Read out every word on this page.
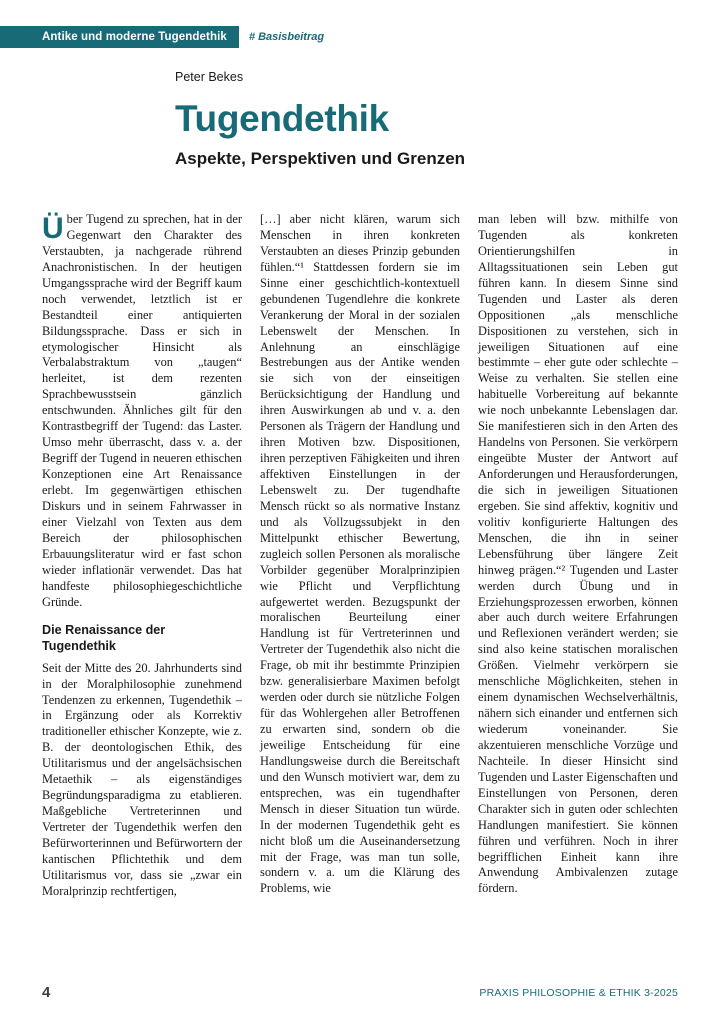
Antike und moderne Tugendethik	# Basisbeitrag
Peter Bekes
Tugendethik
Aspekte, Perspektiven und Grenzen

Über Tugend zu sprechen, hat in der Gegenwart den Charakter des Verstaubten, ja nachgerade rührend Anachronistischen. In der heutigen Umgangssprache wird der Begriff kaum noch verwendet, letztlich ist er Bestandteil einer antiquierten Bildungssprache. Dass er sich in etymologischer Hinsicht als Verbalabstraktum von „taugen“ herleitet, ist dem rezenten Sprachbewusstsein gänzlich entschwunden. Ähnliches gilt für den Kontrastbegriff der Tugend: das Laster. Umso mehr überrascht, dass v. a. der Begriff der Tugend in neueren ethischen Konzeptionen eine Art Renaissance erlebt. Im gegenwärtigen ethischen Diskurs und in seinem Fahrwasser in einer Vielzahl von Texten aus dem Bereich der philosophischen Erbauungsliteratur wird er fast schon wieder inflationär verwendet. Das hat handfeste philosophiegeschichtliche Gründe.

Die Renaissance der Tugendethik

Seit der Mitte des 20. Jahrhunderts sind in der Moralphilosophie zunehmend Tendenzen zu erkennen, Tugendethik – in Ergänzung oder als Korrektiv traditioneller ethischer Konzepte, wie z. B. der deontologischen Ethik, des Utilitarismus und der angelsächsischen Metaethik – als eigenständiges Begründungsparadigma zu etablieren. Maßgebliche Vertreterinnen und Vertreter der Tugendethik werfen den Befürworterinnen und Befürwortern der kantischen Pflichtethik und dem Utilitarismus vor, dass sie „zwar ein Moralprinzip rechtfertigen,

[…] aber nicht klären, warum sich Menschen in ihren konkreten Verstaubten an dieses Prinzip gebunden fühlen.“¹ Stattdessen fordern sie im Sinne einer geschichtlich-kontextuell gebundenen Tugendlehre die konkrete Verankerung der Moral in der sozialen Lebenswelt der Menschen. In Anlehnung an einschlägige Bestrebungen aus der Antike wenden sie sich von der einseitigen Berücksichtigung der Handlung und ihren Auswirkungen ab und v. a. den Personen als Trägern der Handlung und ihren Motiven bzw. Dispositionen, ihren perzeptiven Fähigkeiten und ihren affektiven Einstellungen in der Lebenswelt zu. Der tugendhafte Mensch rückt so als normative Instanz und als Vollzugssubjekt in den Mittelpunkt ethischer Bewertung, zugleich sollen Personen als moralische Vorbilder gegenüber Moralprinzipien wie Pflicht und Verpflichtung aufgewertet werden. Bezugspunkt der moralischen Beurteilung einer Handlung ist für Vertreterinnen und Vertreter der Tugendethik also nicht die Frage, ob mit ihr bestimmte Prinzipien bzw. generalisierbare Maximen befolgt werden oder durch sie nützliche Folgen für das Wohlergehen aller Betroffenen zu erwarten sind, sondern ob die jeweilige Entscheidung für eine Handlungsweise durch die Bereitschaft und den Wunsch motiviert war, dem zu entsprechen, was ein tugendhafter Mensch in dieser Situation tun würde. In der modernen Tugendethik geht es nicht bloß um die Auseinandersetzung mit der Frage, was man tun solle, sondern v. a. um die Klärung des Problems, wie

man leben will bzw. mithilfe von Tugenden als konkreten Orientierungshilfen in Alltagssituationen sein Leben gut führen kann. In diesem Sinne sind Tugenden und Laster als deren Oppositionen „als menschliche Dispositionen zu verstehen, sich in jeweiligen Situationen auf eine bestimmte – eher gute oder schlechte – Weise zu verhalten. Sie stellen eine habituelle Vorbereitung auf bekannte wie noch unbekannte Lebenslagen dar. Sie manifestieren sich in den Arten des Handelns von Personen. Sie verkörpern eingeübte Muster der Antwort auf Anforderungen und Herausforderungen, die sich in jeweiligen Situationen ergeben. Sie sind affektiv, kognitiv und volitiv konfigurierte Haltungen des Menschen, die ihn in seiner Lebensführung über längere Zeit hinweg prägen.“² Tugenden und Laster werden durch Übung und in Erziehungsprozessen erworben, können aber auch durch weitere Erfahrungen und Reflexionen verändert werden; sie sind also keine statischen moralischen Größen. Vielmehr verkörpern sie menschliche Möglichkeiten, stehen in einem dynamischen Wechselverhältnis, nähern sich einander und entfernen sich wiederum voneinander. Sie akzentuieren menschliche Vorzüge und Nachteile. In dieser Hinsicht sind Tugenden und Laster Eigenschaften und Einstellungen von Personen, deren Charakter sich in guten oder schlechten Handlungen manifestiert. Sie können führen und verführen. Noch in ihrer begrifflichen Einheit kann ihre Anwendung Ambivalenzen zutage fördern.

4	PRAXIS PHILOSOPHIE & ETHIK 3-2025
